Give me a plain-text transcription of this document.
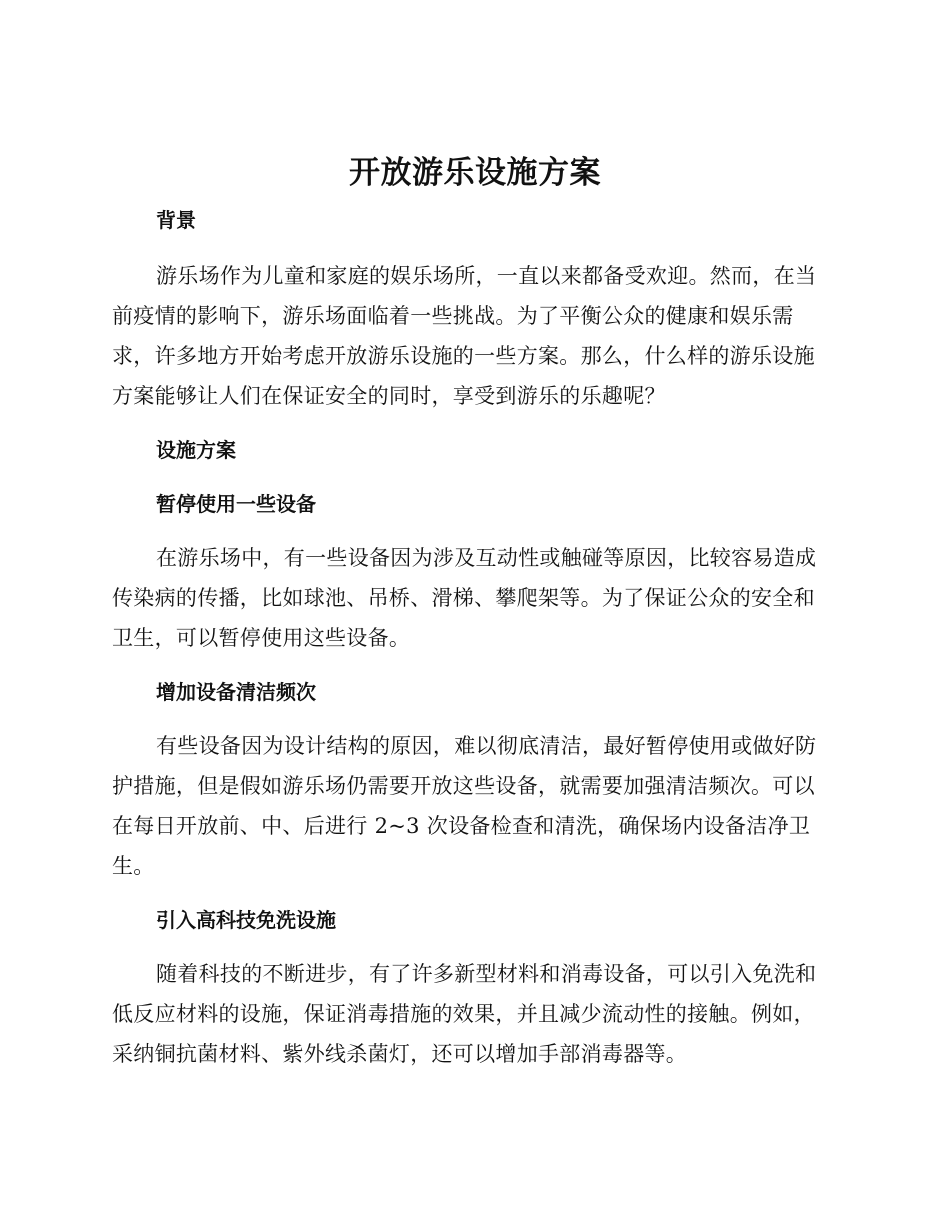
开放游乐设施方案

背景

游乐场作为儿童和家庭的娱乐场所，一直以来都备受欢迎。然而，在当前疫情的影响下，游乐场面临着一些挑战。为了平衡公众的健康和娱乐需求，许多地方开始考虑开放游乐设施的一些方案。那么，什么样的游乐设施方案能够让人们在保证安全的同时，享受到游乐的乐趣呢？

设施方案

暂停使用一些设备

在游乐场中，有一些设备因为涉及互动性或触碰等原因，比较容易造成传染病的传播，比如球池、吊桥、滑梯、攀爬架等。为了保证公众的安全和卫生，可以暂停使用这些设备。

增加设备清洁频次

有些设备因为设计结构的原因，难以彻底清洁，最好暂停使用或做好防护措施，但是假如游乐场仍需要开放这些设备，就需要加强清洁频次。可以在每日开放前、中、后进行 2~3 次设备检查和清洗，确保场内设备洁净卫生。

引入高科技免洗设施

随着科技的不断进步，有了许多新型材料和消毒设备，可以引入免洗和低反应材料的设施，保证消毒措施的效果，并且减少流动性的接触。例如，采纳铜抗菌材料、紫外线杀菌灯，还可以增加手部消毒器等。
